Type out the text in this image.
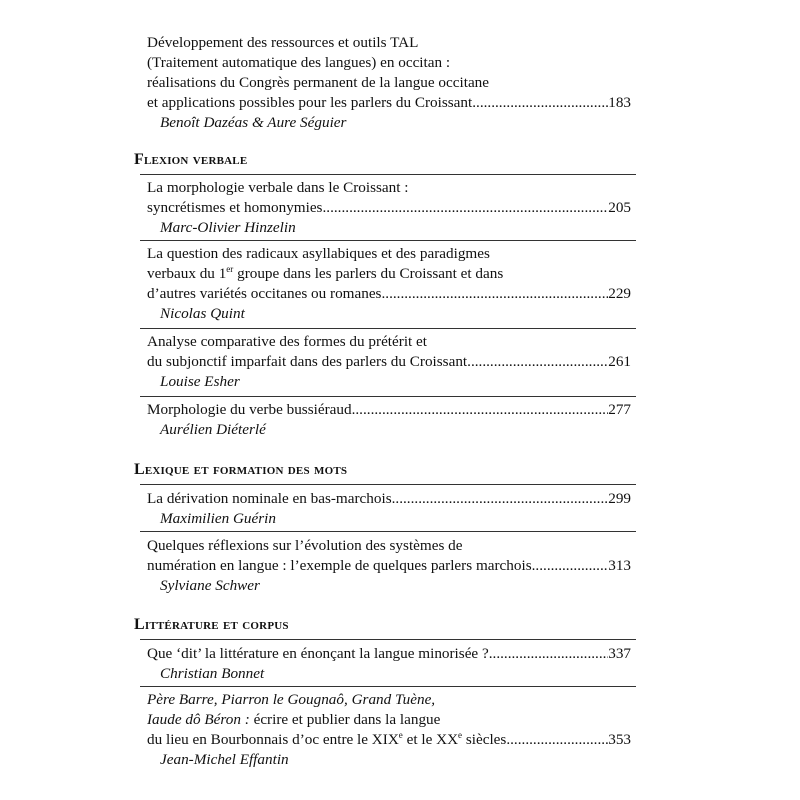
Développement des ressources et outils TAL
(Traitement automatique des langues) en occitan :
réalisations du Congrès permanent de la langue occitane
et applications possibles pour les parlers du Croissant .....	183
Benoît Dazéas & Aure Séguier
Flexion verbale
La morphologie verbale dans le Croissant :
syncrétismes et homonymies .....	205
Marc-Olivier Hinzelin
La question des radicaux asyllabiques et des paradigmes
verbaux du 1er groupe dans les parlers du Croissant et dans
d’autres variétés occitanes ou romanes .....	229
Nicolas Quint
Analyse comparative des formes du prétérit et
du subjonctif imparfait dans des parlers du Croissant .....	261
Louise Esher
Morphologie du verbe bussiéraud .....	277
Aurélien Diéterlé
Lexique et formation des mots
La dérivation nominale en bas-marchois .....	299
Maximilien Guérin
Quelques réflexions sur l’évolution des systèmes de
numération en langue : l’exemple de quelques parlers marchois .....	313
Sylviane Schwer
Littérature et corpus
Que ‘dit’ la littérature en énonçant la langue minorisée ? .....	337
Christian Bonnet
Père Barre, Piarron le Gougnaô, Grand Tuène,
Iaude dô Béron : écrire et publier dans la langue
du lieu en Bourbonnais d’oc entre le XIXe et le XXe siècles .....	353
Jean-Michel Effantin
